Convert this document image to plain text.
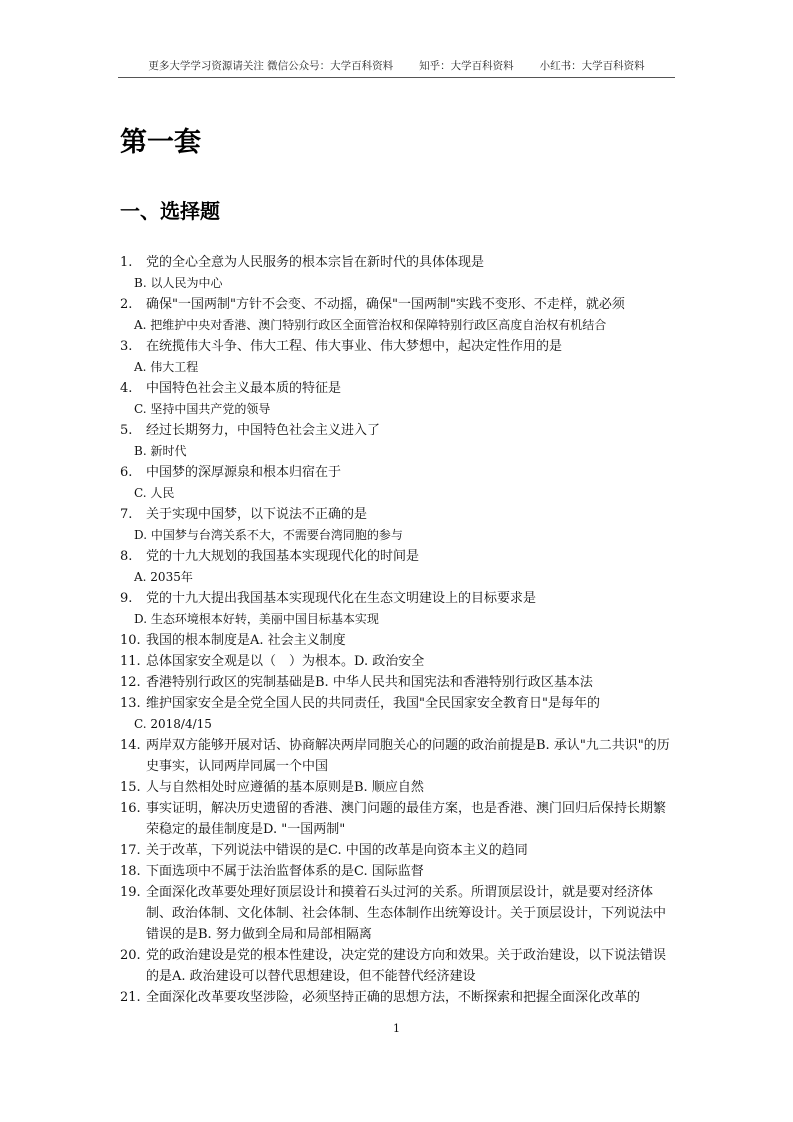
更多大学学习资源请关注 微信公众号：大学百科资料 知乎：大学百科资料 小红书：大学百科资料
第一套
一、选择题
1.	党的全心全意为人民服务的根本宗旨在新时代的具体体现是
B. 以人民为中心
2.	确保"一国两制"方针不会变、不动摇，确保"一国两制"实践不变形、不走样，就必须
A. 把维护中央对香港、澳门特别行政区全面管治权和保障特别行政区高度自治权有机结合
3.	在统揽伟大斗争、伟大工程、伟大事业、伟大梦想中，起决定性作用的是
A. 伟大工程
4.	中国特色社会主义最本质的特征是
C. 坚持中国共产党的领导
5.	经过长期努力，中国特色社会主义进入了
B. 新时代
6.	中国梦的深厚源泉和根本归宿在于
C. 人民
7.	关于实现中国梦，以下说法不正确的是
D. 中国梦与台湾关系不大，不需要台湾同胞的参与
8.	党的十九大规划的我国基本实现现代化的时间是
A. 2035年
9.	党的十九大提出我国基本实现现代化在生态文明建设上的目标要求是
D. 生态环境根本好转，美丽中国目标基本实现
10. 我国的根本制度是A. 社会主义制度
11. 总体国家安全观是以（　）为根本。D. 政治安全
12. 香港特别行政区的宪制基础是B. 中华人民共和国宪法和香港特别行政区基本法
13. 维护国家安全是全党全国人民的共同责任，我国"全民国家安全教育日"是每年的
C. 2018/4/15
14. 两岸双方能够开展对话、协商解决两岸同胞关心的问题的政治前提是B. 承认"九二共识"的历史事实，认同两岸同属一个中国
15. 人与自然相处时应遵循的基本原则是B. 顺应自然
16. 事实证明，解决历史遗留的香港、澳门问题的最佳方案，也是香港、澳门回归后保持长期繁荣稳定的最佳制度是D. "一国两制"
17. 关于改革，下列说法中错误的是C. 中国的改革是向资本主义的趋同
18. 下面选项中不属于法治监督体系的是C. 国际监督
19. 全面深化改革要处理好顶层设计和摸着石头过河的关系。所谓顶层设计，就是要对经济体制、政治体制、文化体制、社会体制、生态体制作出统筹设计。关于顶层设计，下列说法中错误的是B. 努力做到全局和局部相隔离
20. 党的政治建设是党的根本性建设，决定党的建设方向和效果。关于政治建设，以下说法错误的是A. 政治建设可以替代思想建设，但不能替代经济建设
21. 全面深化改革要攻坚涉险，必须坚持正确的思想方法，不断探索和把握全面深化改革的
1
